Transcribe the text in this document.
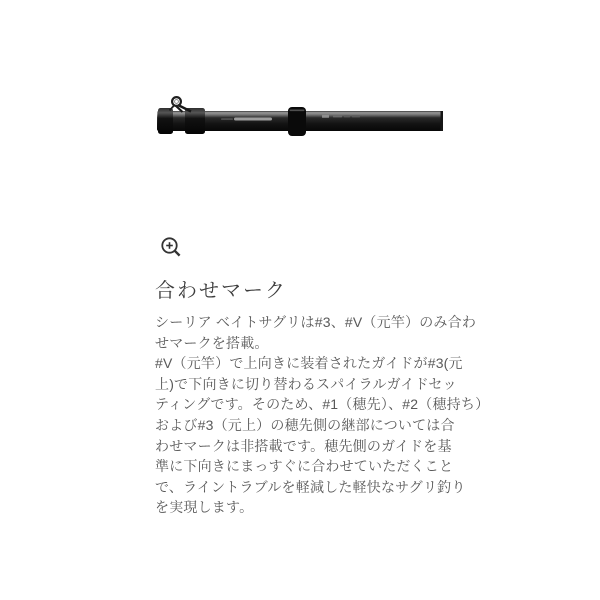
合わせマーク
シーリア ベイトサグリは#3、#V（元竿）のみ合わ
せマークを搭載。
#V（元竿）で上向きに装着されたガイドが#3(元
上)で下向きに切り替わるスパイラルガイドセッ
ティングです。そのため、#1（穂先）、#2（穂持ち）
および#3（元上）の穂先側の継部については合
わせマークは非搭載です。穂先側のガイドを基
準に下向きにまっすぐに合わせていただくこと
で、ライントラブルを軽減した軽快なサグリ釣り
を実現します。
